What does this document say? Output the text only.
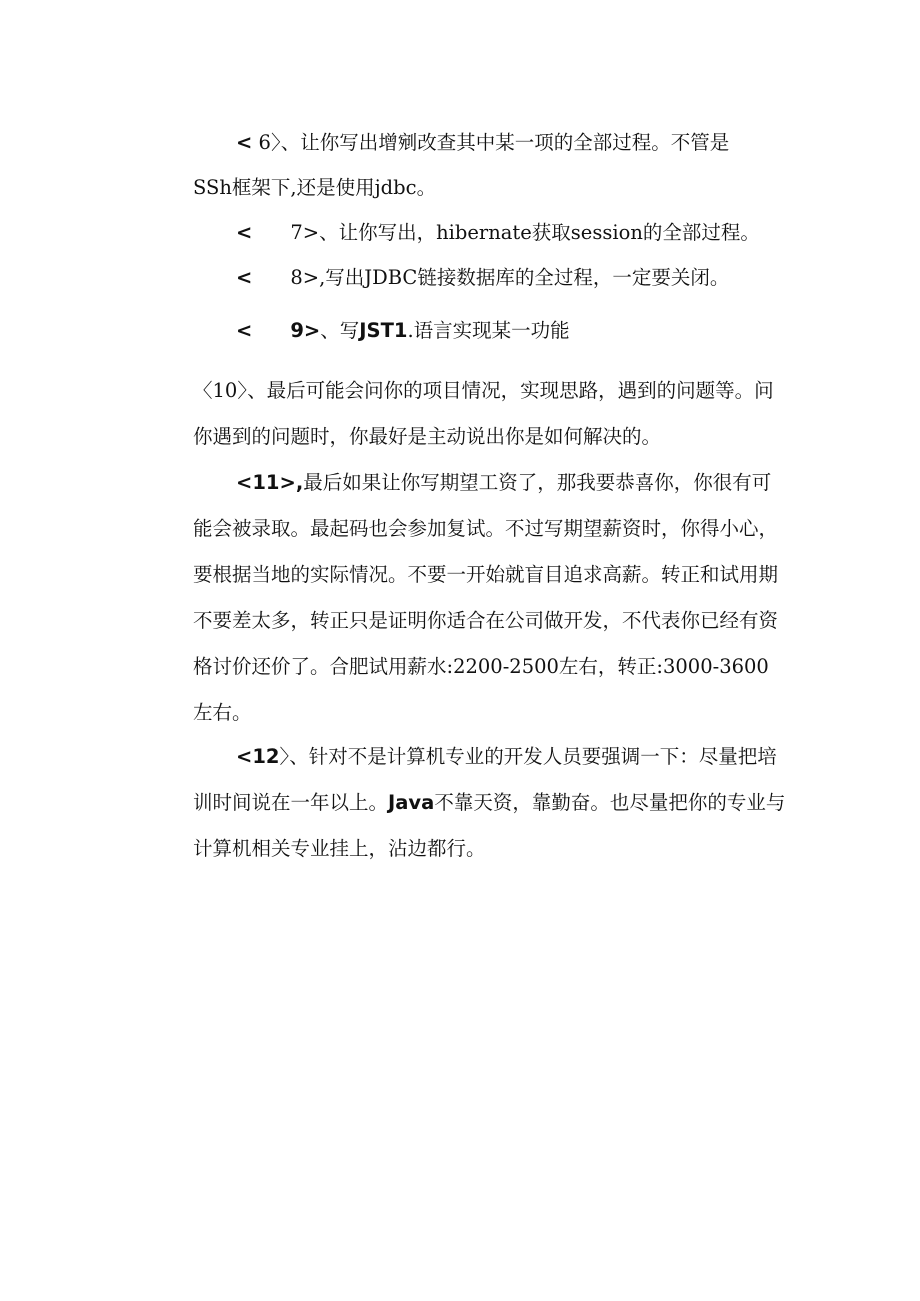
< 6〉、让你写出增剜改查其中某一项的全部过程。不管是
SSh框架下,还是使用jdbc。
< 7>、让你写出，hibernate获取session的全部过程。
< 8>,写出JDBC链接数据库的全过程，一定要关闭。
< 9>、写JST1.语言实现某一功能

〈10〉、最后可能会问你的项目情况，实现思路，遇到的问题等。问你遇到的问题时，你最好是主动说出你是如何解决的。

<11>,最后如果让你写期望工资了，那我要恭喜你，你很有可能会被录取。最起码也会参加复试。不过写期望薪资时，你得小心，要根据当地的实际情况。不要一开始就盲目追求高薪。转正和试用期不要差太多，转正只是证明你适合在公司做开发，不代表你已经有资格讨价还价了。合肥试用薪水:2200-2500左右，转正:3000-3600左右。

<12〉、针对不是计算机专业的开发人员要强调一下：尽量把培训时间说在一年以上。Java不靠天资，靠勤奋。也尽量把你的专业与计算机相关专业挂上，沾边都行。
